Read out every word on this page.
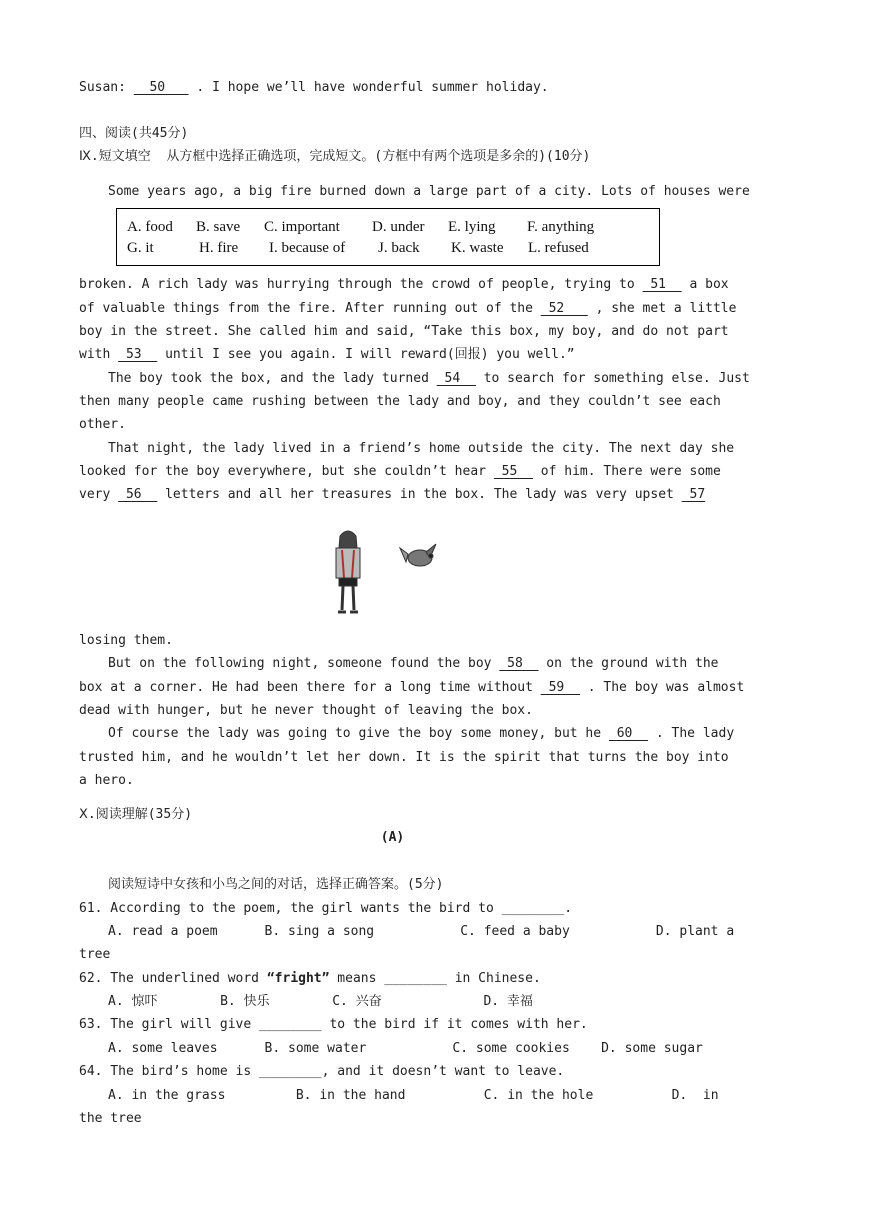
Susan: 50 . I hope we’ll have wonderful summer holiday.
四、阅读(共45分)
Ⅸ.短文填空  从方框中选择正确选项，完成短文。(方框中有两个选项是多余的)(10分)
Some years ago, a big fire burned down a large part of a city. Lots of houses were
A. food B. save C. important D. under E. lying F. anything
G. it	H. fire I. because of J. back K. waste L. refused
broken. A rich lady was hurrying through the crowd of people, trying to  51   a box
of valuable things from the fire. After running out of the  52    , she met a little
boy in the street. She called him and said, “Take this box, my boy, and do not part
with  53   until I see you again. I will reward(回报) you well.”
The boy took the box, and the lady turned  54   to search for something else. Just
then many people came rushing between the lady and boy, and they couldn’t see each
other.
That night, the lady lived in a friend’s home outside the city. The next day she
looked for the boy everywhere, but she couldn’t hear  55   of him. There were some
very  56   letters and all her treasures in the box. The lady was very upset  57
losing them.
But on the following night, someone found the boy  58   on the ground with the
box at a corner. He had been there for a long time without  59   . The boy was almost
dead with hunger, but he never thought of leaving the box.
Of course the lady was going to give the boy some money, but he  60   . The lady
trusted him, and he wouldn’t let her down. It is the spirit that turns the boy into
a hero.
Ⅹ.阅读理解(35分)
(A)
阅读短诗中女孩和小鸟之间的对话，选择正确答案。(5分)
61. According to the poem, the girl wants the bird to ________.
A. read a poem	B. sing a song	C. feed a baby	D. plant a
tree
62. The underlined word “fright” means ________ in Chinese.
A. 惊吓	B. 快乐	C. 兴奋	D. 幸福
63. The girl will give ________ to the bird if it comes with her.
A. some leaves	B. some water	C. some cookies D. some sugar
64. The bird’s home is ________, and it doesn’t want to leave.
A. in the grass	B. in the hand	C. in the hole	D.  in
the tree
